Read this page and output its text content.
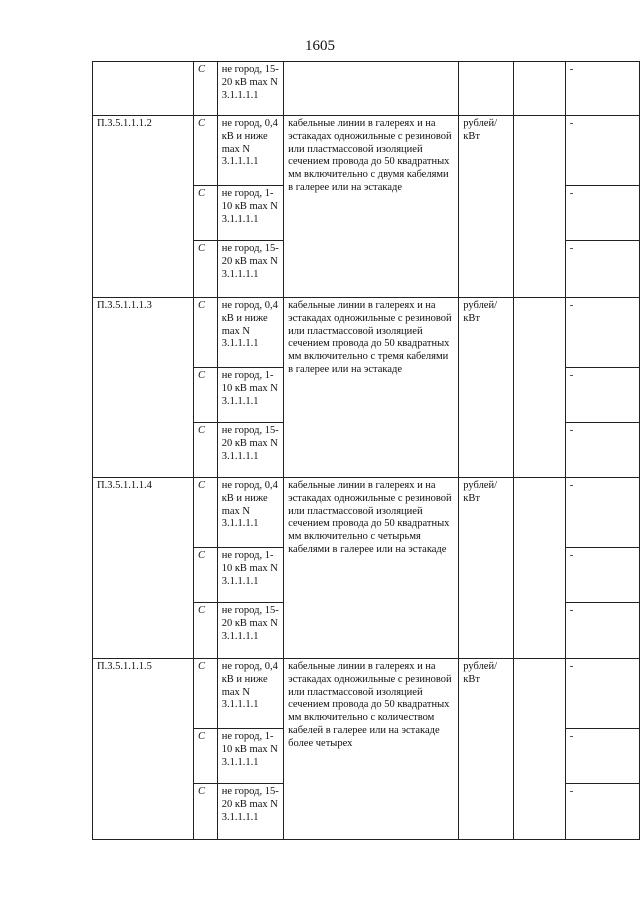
1605
	C	не город, 15-20 кВ max N 3.1.1.1.1				-
П.3.5.1.1.1.2	C	не город, 0,4 кВ и ниже max N 3.1.1.1.1	кабельные линии в галереях и на эстакадах одножильные с резиновой или пластмассовой изоляцией сечением провода до 50 квадратных мм включительно с двумя кабелями в галерее или на эстакаде	рублей/ кВт		-
	C	не город, 1-10 кВ max N 3.1.1.1.1				-
	C	не город, 15-20 кВ max N 3.1.1.1.1				-
П.3.5.1.1.1.3	C	не город, 0,4 кВ и ниже max N 3.1.1.1.1	кабельные линии в галереях и на эстакадах одножильные с резиновой или пластмассовой изоляцией сечением провода до 50 квадратных мм включительно с тремя кабелями в галерее или на эстакаде	рублей/ кВт		-
	C	не город, 1-10 кВ max N 3.1.1.1.1				-
	C	не город, 15-20 кВ max N 3.1.1.1.1				-
П.3.5.1.1.1.4	C	не город, 0,4 кВ и ниже max N 3.1.1.1.1	кабельные линии в галереях и на эстакадах одножильные с резиновой или пластмассовой изоляцией сечением провода до 50 квадратных мм включительно с четырьмя кабелями в галерее или на эстакаде	рублей/ кВт		-
	C	не город, 1-10 кВ max N 3.1.1.1.1				-
	C	не город, 15-20 кВ max N 3.1.1.1.1				-
П.3.5.1.1.1.5	C	не город, 0,4 кВ и ниже max N 3.1.1.1.1	кабельные линии в галереях и на эстакадах одножильные с резиновой или пластмассовой изоляцией сечением провода до 50 квадратных мм включительно с количеством кабелей в галерее или на эстакаде более четырех	рублей/ кВт		-
	C	не город, 1-10 кВ max N 3.1.1.1.1				-
	C	не город, 15-20 кВ max N 3.1.1.1.1				-
